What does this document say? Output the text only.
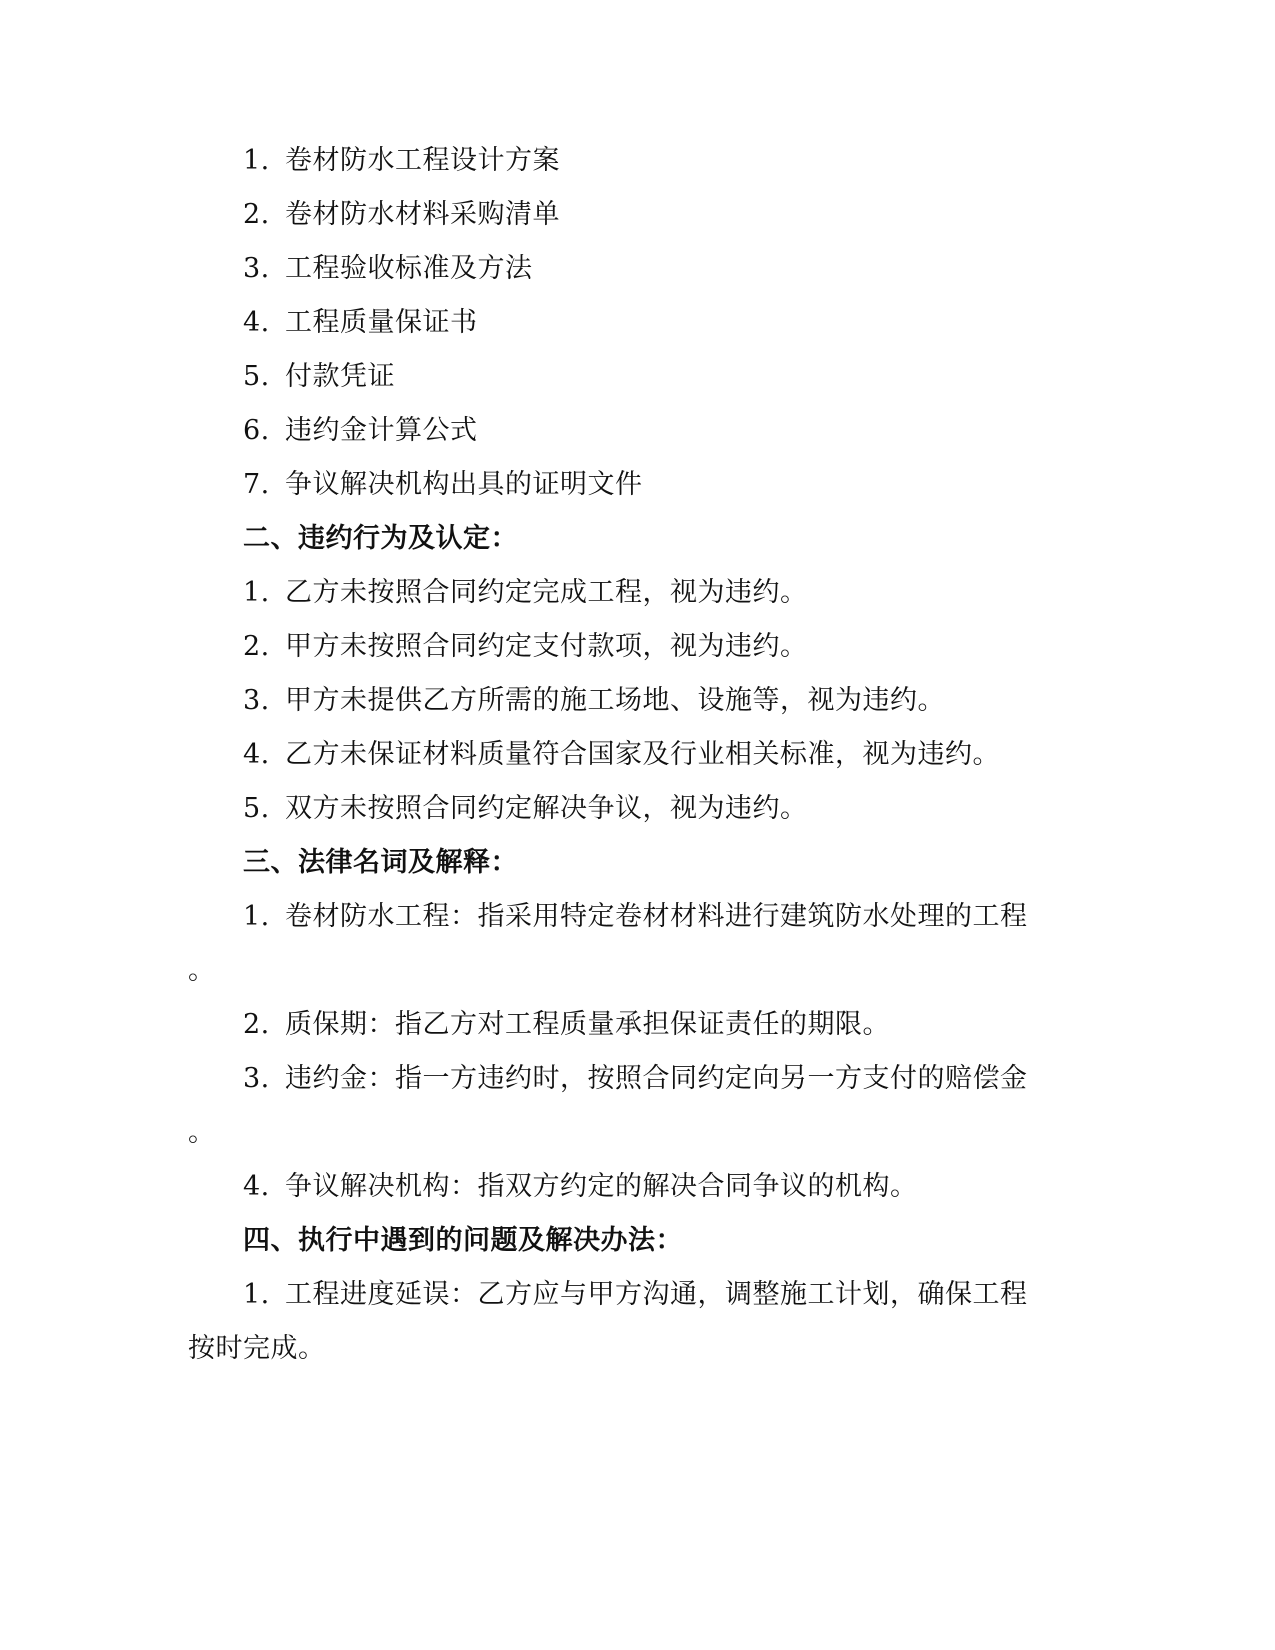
1. 卷材防水工程设计方案
2. 卷材防水材料采购清单
3. 工程验收标准及方法
4. 工程质量保证书
5. 付款凭证
6. 违约金计算公式
7. 争议解决机构出具的证明文件
二、违约行为及认定：
1. 乙方未按照合同约定完成工程，视为违约。
2. 甲方未按照合同约定支付款项，视为违约。
3. 甲方未提供乙方所需的施工场地、设施等，视为违约。
4. 乙方未保证材料质量符合国家及行业相关标准，视为违约。
5. 双方未按照合同约定解决争议，视为违约。
三、法律名词及解释：
1. 卷材防水工程：指采用特定卷材材料进行建筑防水处理的工程
。
2. 质保期：指乙方对工程质量承担保证责任的期限。
3. 违约金：指一方违约时，按照合同约定向另一方支付的赔偿金
。
4. 争议解决机构：指双方约定的解决合同争议的机构。
四、执行中遇到的问题及解决办法：
1. 工程进度延误：乙方应与甲方沟通，调整施工计划，确保工程
按时完成。
